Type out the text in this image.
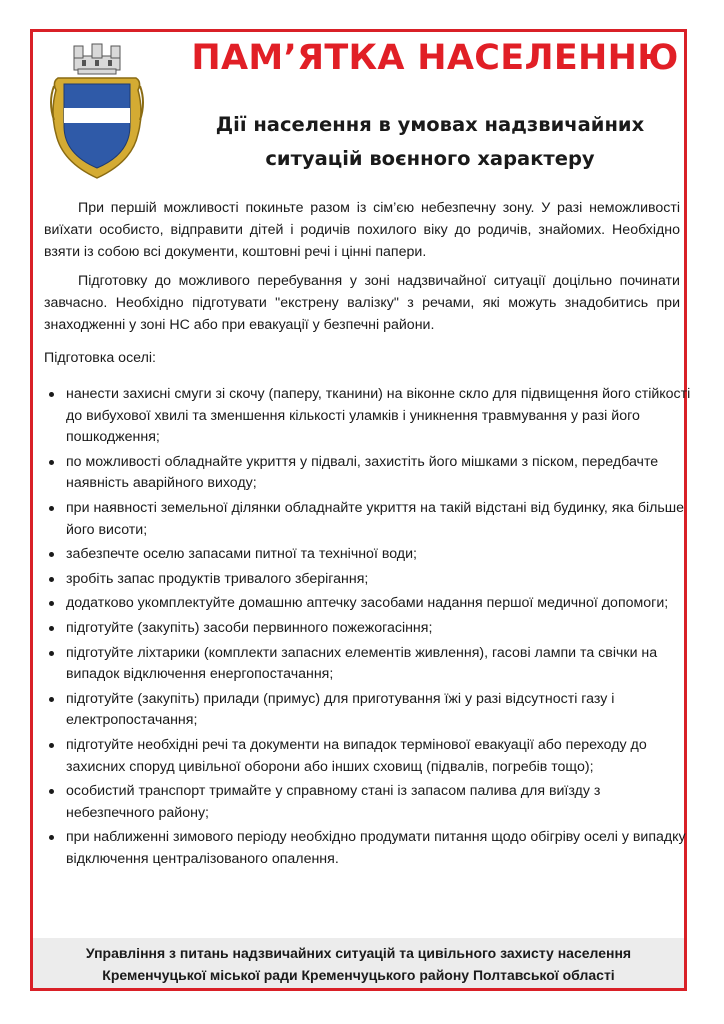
ПАМ’ЯТКА НАСЕЛЕННЮ
Дії населення в умовах надзвичайних
ситуацій воєнного характеру

При першій можливості покиньте разом із сім’єю небезпечну зону. У разі неможливості виїхати особисто, відправити дітей і родичів похилого віку до родичів, знайомих. Необхідно взяти із собою всі документи, коштовні речі і цінні папери.

Підготовку до можливого перебування у зоні надзвичайної ситуації доцільно починати завчасно. Необхідно підготувати "екстрену валізку" з речами, які можуть знадобитись при знаходженні у зоні НС або при евакуації у безпечні райони.

Підготовка оселі:
нанести захисні смуги зі скочу (паперу, тканини) на віконне скло для підвищення його стійкості до вибухової хвилі та зменшення кількості уламків і уникнення травмування у разі його пошкодження;
по можливості обладнайте укриття у підвалі, захистіть його мішками з піском, передбачте наявність аварійного виходу;
при наявності земельної ділянки обладнайте укриття на такій відстані від будинку, яка більше його висоти;
забезпечте оселю запасами питної та технічної води;
зробіть запас продуктів тривалого зберігання;
додатково укомплектуйте домашню аптечку засобами надання першої медичної допомоги;
підготуйте (закупіть) засоби первинного пожежогасіння;
підготуйте ліхтарики (комплекти запасних елементів живлення), гасові лампи та свічки на випадок відключення енергопостачання;
підготуйте (закупіть) прилади (примус) для приготування їжі у разі відсутності газу і електропостачання;
підготуйте необхідні речі та документи на випадок термінової евакуації або переходу до захисних споруд цивільної оборони або інших сховищ (підвалів, погребів тощо);
особистий транспорт тримайте у справному стані із запасом палива для виїзду з небезпечного району;
при наближенні зимового періоду необхідно продумати питання щодо обігріву оселі у випадку відключення централізованого опалення.
Управління з питань надзвичайних ситуацій та цивільного захисту населення
Кременчуцької міської ради Кременчуцького району Полтавської області
